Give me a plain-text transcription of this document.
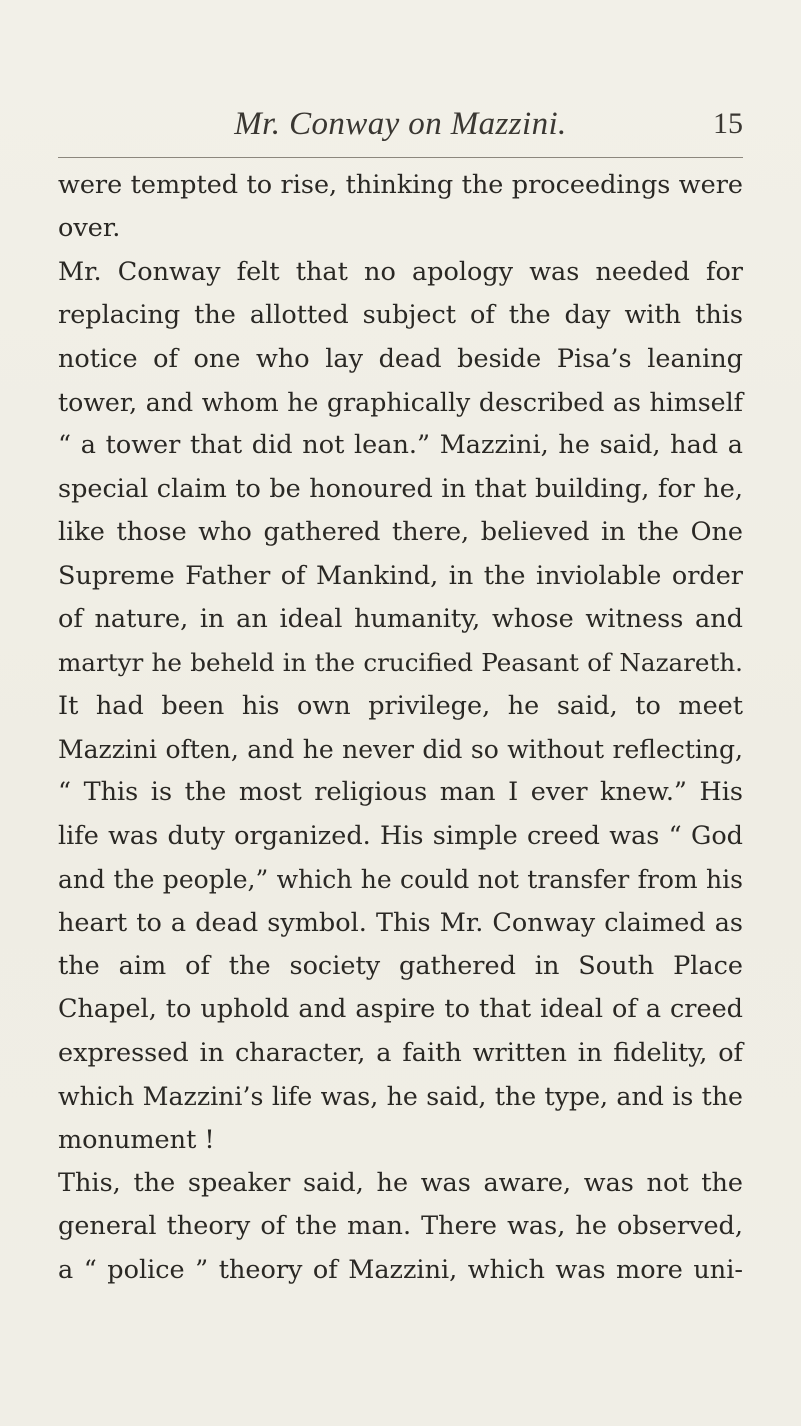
Mr. Conway on Mazzini.	15
were tempted to rise, thinking the proceedings were
over.
Mr. Conway felt that no apology was needed for
replacing the allotted subject of the day with this
notice of one who lay dead beside Pisa’s leaning
tower, and whom he graphically described as himself
“ a tower that did not lean.” Mazzini, he said, had a
special claim to be honoured in that building, for he,
like those who gathered there, believed in the One
Supreme Father of Mankind, in the inviolable order
of nature, in an ideal humanity, whose witness and
martyr he beheld in the crucified Peasant of Nazareth.
It had been his own privilege, he said, to meet
Mazzini often, and he never did so without reflecting,
“ This is the most religious man I ever knew.” His
life was duty organized. His simple creed was “ God
and the people,” which he could not transfer from his
heart to a dead symbol. This Mr. Conway claimed as
the aim of the society gathered in South Place
Chapel, to uphold and aspire to that ideal of a creed
expressed in character, a faith written in fidelity, of
which Mazzini’s life was, he said, the type, and is the
monument !
This, the speaker said, he was aware, was not the
general theory of the man. There was, he observed,
a “ police ” theory of Mazzini, which was more uni-
